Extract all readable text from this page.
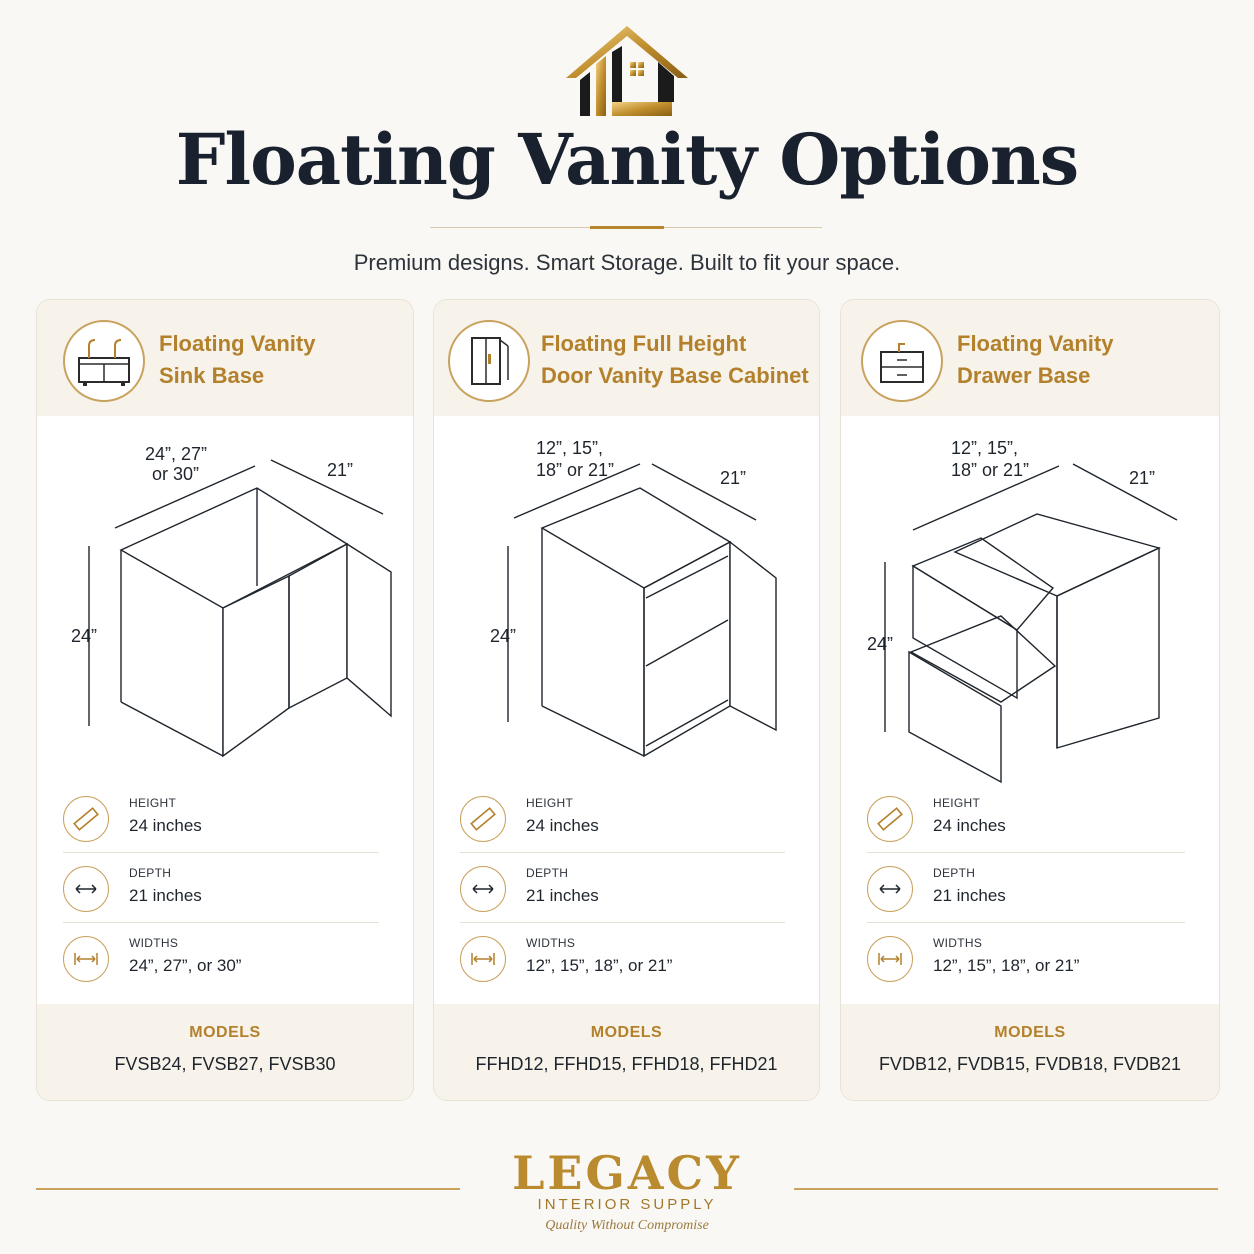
Floating Vanity Options
Premium designs. Smart Storage. Built to fit your space.
Floating Vanity
Sink Base
24”, 27”
or 30”	21”
24”
HEIGHT
24 inches
DEPTH
21 inches
WIDTHS
24”, 27”, or 30”
MODELS
FVSB24, FVSB27, FVSB30
Floating Full Height
Door Vanity Base Cabinet
12”, 15”,
18” or 21”	21”
24”
HEIGHT
24 inches
DEPTH
21 inches
WIDTHS
12”, 15”, 18”, or 21”
MODELS
FFHD12, FFHD15, FFHD18, FFHD21
Floating Vanity
Drawer Base
12”, 15”,
18” or 21”	21”
24”
HEIGHT
24 inches
DEPTH
21 inches
WIDTHS
12”, 15”, 18”, or 21”
MODELS
FVDB12, FVDB15, FVDB18, FVDB21
LEGACY
INTERIOR SUPPLY
Quality Without Compromise
